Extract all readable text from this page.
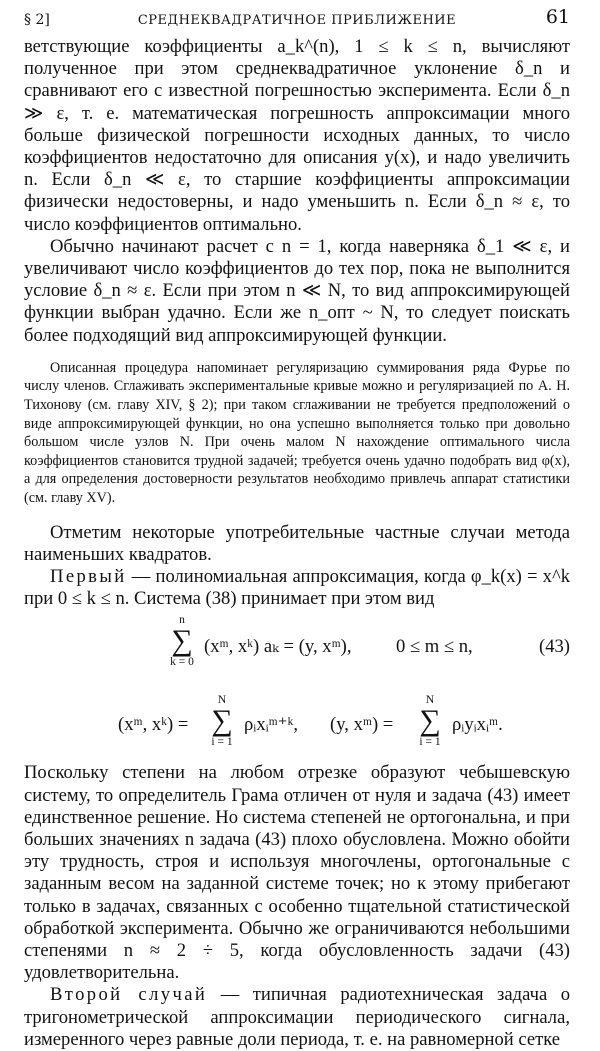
§ 2]	СРЕДНЕКВАДРАТИЧНОЕ ПРИБЛИЖЕНИЕ	61

ветствующие коэффициенты a_k^(n), 1 ≤ k ≤ n, вычисляют полученное при этом среднеквадратичное уклонение δ_n и сравнивают его с известной погрешностью эксперимента. Если δ_n ≫ ε, т. е. математическая погрешность аппроксимации много больше физической погрешности исходных данных, то число коэффициентов недостаточно для описания y(x), и надо увеличить n. Если δ_n ≪ ε, то старшие коэффициенты аппроксимации физически недостоверны, и надо уменьшить n. Если δ_n ≈ ε, то число коэффициентов оптимально.

Обычно начинают расчет с n = 1, когда наверняка δ_1 ≪ ε, и увеличивают число коэффициентов до тех пор, пока не выполнится условие δ_n ≈ ε. Если при этом n ≪ N, то вид аппроксимирующей функции выбран удачно. Если же n_опт ~ N, то следует поискать более подходящий вид аппроксимирующей функции.

Описанная процедура напоминает регуляризацию суммирования ряда Фурье по числу членов. Сглаживать экспериментальные кривые можно и регуляризацией по А. Н. Тихонову (см. главу XIV, § 2); при таком сглаживании не требуется предположений о виде аппроксимирующей функции, но она успешно выполняется только при довольно большом числе узлов N. При очень малом N нахождение оптимального числа коэффициентов становится трудной задачей; требуется очень удачно подобрать вид φ(x), а для определения достоверности результатов необходимо привлечь аппарат статистики (см. главу XV).

Отметим некоторые употребительные частные случаи метода наименьших квадратов.

Первый — полиномиальная аппроксимация, когда φ_k(x) = x^k при 0 ≤ k ≤ n. Система (38) принимает при этом вид

n
∑
k = 0
(xᵐ, xᵏ) aₖ = (y, xᵐ), 0 ≤ m ≤ n,	(43)
(xᵐ, xᵏ) =
N
∑
i = 1
ρᵢxᵢᵐ⁺ᵏ, (y, xᵐ) =
N
∑
i = 1
ρᵢyᵢxᵢᵐ.

Поскольку степени на любом отрезке образуют чебышевскую систему, то определитель Грама отличен от нуля и задача (43) имеет единственное решение. Но система степеней не ортогональна, и при больших значениях n задача (43) плохо обусловлена. Можно обойти эту трудность, строя и используя многочлены, ортогональные с заданным весом на заданной системе точек; но к этому прибегают только в задачах, связанных с особенно тщательной статистической обработкой эксперимента. Обычно же ограничиваются небольшими степенями n ≈ 2 ÷ 5, когда обусловленность задачи (43) удовлетворительна.

Второй случай — типичная радиотехническая задача о тригонометрической аппроксимации периодического сигнала, измеренного через равные доли периода, т. е. на равномерной сетке
